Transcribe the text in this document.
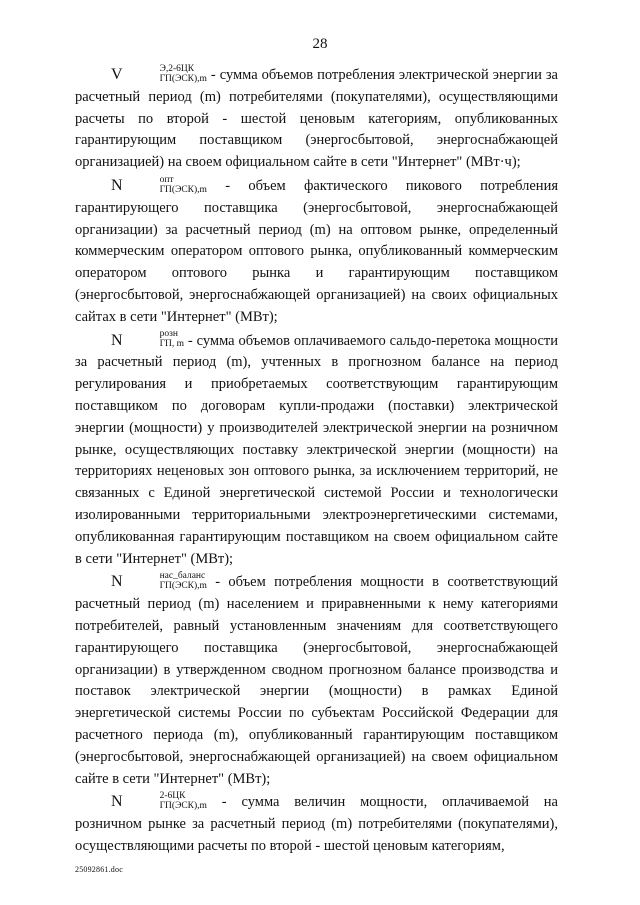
28

V	Э,2-6ЦК
ГП(ЭСК),m - сумма объемов потребления электрической энергии за расчетный период (m) потребителями (покупателями), осуществляющими расчеты по второй - шестой ценовым категориям, опубликованных гарантирующим поставщиком (энергосбытовой, энергоснабжающей организацией) на своем официальном сайте в сети "Интернет" (МВт·ч);

N	опт
ГП(ЭСК),m - объем фактического пикового потребления гарантирующего поставщика (энергосбытовой, энергоснабжающей организации) за расчетный период (m) на оптовом рынке, определенный коммерческим оператором оптового рынка, опубликованный коммерческим оператором оптового рынка и гарантирующим поставщиком (энергосбытовой, энергоснабжающей организацией) на своих официальных сайтах в сети "Интернет" (МВт);

N	розн
ГП, m - сумма объемов оплачиваемого сальдо-перетока мощности за расчетный период (m), учтенных в прогнозном балансе на период регулирования и приобретаемых соответствующим гарантирующим поставщиком по договорам купли-продажи (поставки) электрической энергии (мощности) у производителей электрической энергии на розничном рынке, осуществляющих поставку электрической энергии (мощности) на территориях неценовых зон оптового рынка, за исключением территорий, не связанных с Единой энергетической системой России и технологически изолированными территориальными электроэнергетическими системами, опубликованная гарантирующим поставщиком на своем официальном сайте в сети "Интернет" (МВт);

N	нас_баланс
ГП(ЭСК),m - объем потребления мощности в соответствующий расчетный период (m) населением и приравненными к нему категориями потребителей, равный установленным значениям для соответствующего гарантирующего поставщика (энергосбытовой, энергоснабжающей организации) в утвержденном сводном прогнозном балансе производства и поставок электрической энергии (мощности) в рамках Единой энергетической системы России по субъектам Российской Федерации для расчетного периода (m), опубликованный гарантирующим поставщиком (энергосбытовой, энергоснабжающей организацией) на своем официальном сайте в сети "Интернет" (МВт);

N	2-6ЦК
ГП(ЭСК),m - сумма величин мощности, оплачиваемой на розничном рынке за расчетный период (m) потребителями (покупателями), осуществляющими расчеты по второй - шестой ценовым категориям,

25092861.doc
